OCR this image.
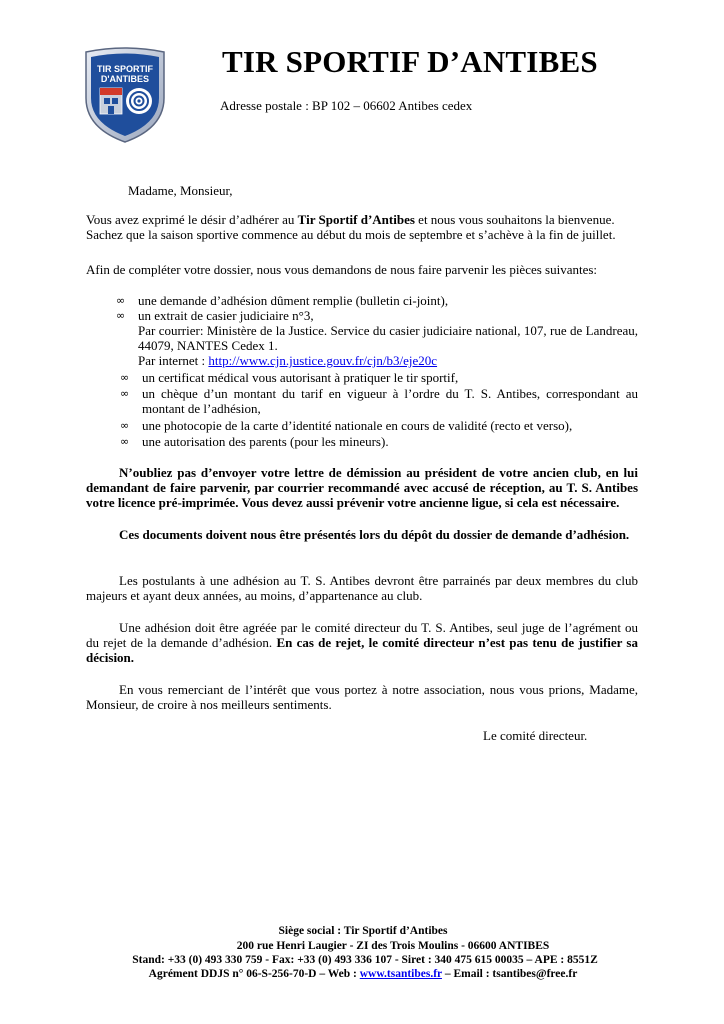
TIR SPORTIF
D'ANTIBES TIR SPORTIF D’ANTIBES
Adresse postale : BP 102 – 06602 Antibes cedex
Madame, Monsieur,
Vous avez exprimé le désir d’adhérer au Tir Sportif d’Antibes et nous vous souhaitons la bienvenue.
Sachez que la saison sportive commence au début du mois de septembre et s’achève à la fin de juillet.
Afin de compléter votre dossier, nous vous demandons de nous faire parvenir les pièces suivantes:
∞ une demande d’adhésion dûment remplie (bulletin ci-joint),
∞ un extrait de casier judiciaire n°3,
Par courrier: Ministère de la Justice. Service du casier judiciaire national, 107, rue de Landreau, 44079, NANTES Cedex 1.
Par internet : http://www.cjn.justice.gouv.fr/cjn/b3/eje20c
∞ un certificat médical vous autorisant à pratiquer le tir sportif,
∞ un chèque d’un montant du tarif en vigueur à l’ordre du T. S. Antibes, correspondant au montant de l’adhésion,
∞ une photocopie de la carte d’identité nationale en cours de validité (recto et verso),
∞ une autorisation des parents (pour les mineurs).
N’oubliez pas d’envoyer votre lettre de démission au président de votre ancien club, en lui demandant de faire parvenir, par courrier recommandé avec accusé de réception, au T. S. Antibes votre licence pré-imprimée. Vous devez aussi prévenir votre ancienne ligue, si cela est nécessaire.
Ces documents doivent nous être présentés lors du dépôt du dossier de demande d’adhésion.
Les postulants à une adhésion au T. S. Antibes devront être parrainés par deux membres du club majeurs et ayant deux années, au moins, d’appartenance au club.
Une adhésion doit être agréée par le comité directeur du T. S. Antibes, seul juge de l’agrément ou du rejet de la demande d’adhésion. En cas de rejet, le comité directeur n’est pas tenu de justifier sa décision.
En vous remerciant de l’intérêt que vous portez à notre association, nous vous prions, Madame, Monsieur, de croire à nos meilleurs sentiments.
Le comité directeur.
Siège social : Tir Sportif d’Antibes
200 rue Henri Laugier - ZI des Trois Moulins - 06600 ANTIBES
Stand: +33 (0) 493 330 759 - Fax: +33 (0) 493 336 107 - Siret : 340 475 615 00035 – APE : 8551Z
Agrément DDJS n° 06-S-256-70-D – Web : www.tsantibes.fr – Email : tsantibes@free.fr
